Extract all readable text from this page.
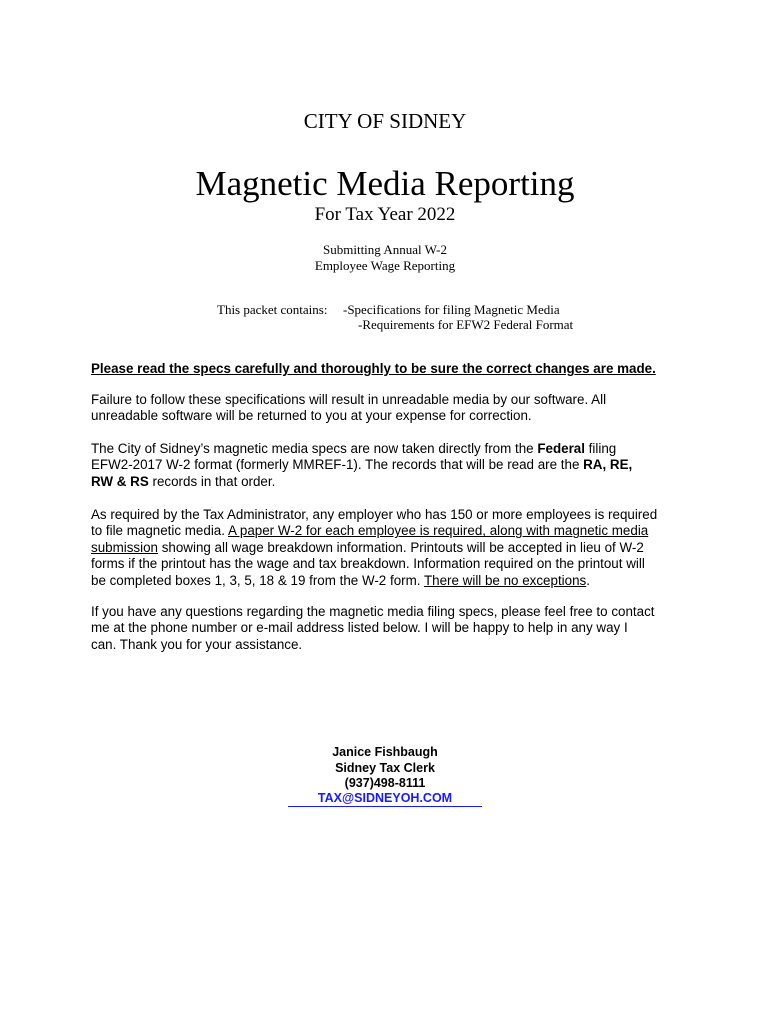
CITY OF SIDNEY
Magnetic Media Reporting
For Tax Year 2022
Submitting Annual W-2
Employee Wage Reporting
This packet contains: -Specifications for filing Magnetic Media
-Requirements for EFW2 Federal Format
Please read the specs carefully and thoroughly to be sure the correct changes are made.
Failure to follow these specifications will result in unreadable media by our software. All
unreadable software will be returned to you at your expense for correction.
The City of Sidney’s magnetic media specs are now taken directly from the Federal filing
EFW2-2017 W-2 format (formerly MMREF-1). The records that will be read are the RA, RE,
RW & RS records in that order.
As required by the Tax Administrator, any employer who has 150 or more employees is required
to file magnetic media. A paper W-2 for each employee is required, along with magnetic media
submission showing all wage breakdown information. Printouts will be accepted in lieu of W-2
forms if the printout has the wage and tax breakdown. Information required on the printout will
be completed boxes 1, 3, 5, 18 & 19 from the W-2 form. There will be no exceptions.
If you have any questions regarding the magnetic media filing specs, please feel free to contact
me at the phone number or e-mail address listed below. I will be happy to help in any way I
can. Thank you for your assistance.
Janice Fishbaugh
Sidney Tax Clerk
(937)498-8111
TAX@SIDNEYOH.COM
